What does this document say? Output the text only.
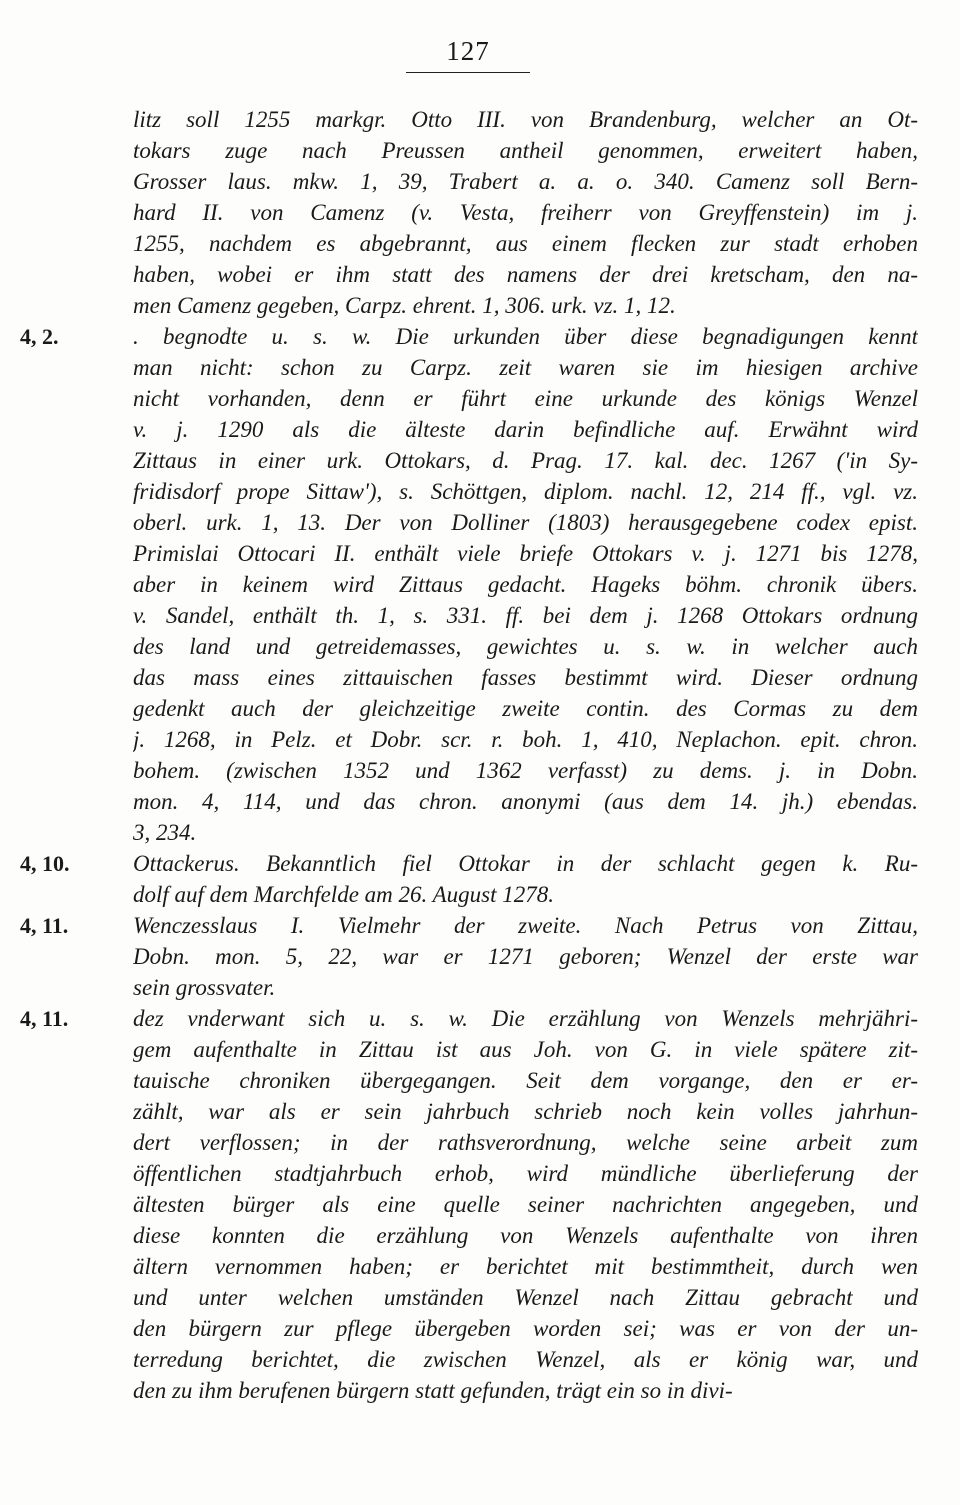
127
litz soll 1255 markgr. Otto III. von Brandenburg, welcher an Ot-
tokars zuge nach Preussen antheil genommen, erweitert haben,
Grosser laus. mkw. 1, 39, Trabert a. a. o. 340. Camenz soll Bern-
hard II. von Camenz (v. Vesta, freiherr von Greyffenstein) im j.
1255, nachdem es abgebrannt, aus einem flecken zur stadt erhoben
haben, wobei er ihm statt des namens der drei kretscham, den na-
men Camenz gegeben, Carpz. ehrent. 1, 306. urk. vz. 1, 12.
4, 2.	. begnodte u. s. w. Die urkunden über diese begnadigungen kennt
man nicht: schon zu Carpz. zeit waren sie im hiesigen archive
nicht vorhanden, denn er führt eine urkunde des königs Wenzel
v. j. 1290 als die älteste darin befindliche auf. Erwähnt wird
Zittaus in einer urk. Ottokars, d. Prag. 17. kal. dec. 1267 ('in Sy-
fridisdorf prope Sittaw'), s. Schöttgen, diplom. nachl. 12, 214 ff., vgl. vz.
oberl. urk. 1, 13. Der von Dolliner (1803) herausgegebene codex epist.
Primislai Ottocari II. enthält viele briefe Ottokars v. j. 1271 bis 1278,
aber in keinem wird Zittaus gedacht. Hageks böhm. chronik übers.
v. Sandel, enthält th. 1, s. 331. ff. bei dem j. 1268 Ottokars ordnung
des land und getreidemasses, gewichtes u. s. w. in welcher auch
das mass eines zittauischen fasses bestimmt wird. Dieser ordnung
gedenkt auch der gleichzeitige zweite contin. des Cormas zu dem
j. 1268, in Pelz. et Dobr. scr. r. boh. 1, 410, Neplachon. epit. chron.
bohem. (zwischen 1352 und 1362 verfasst) zu dems. j. in Dobn.
mon. 4, 114, und das chron. anonymi (aus dem 14. jh.) ebendas.
3, 234.
4, 10.	Ottackerus. Bekanntlich fiel Ottokar in der schlacht gegen k. Ru-
dolf auf dem Marchfelde am 26. August 1278.
4, 11.	Wenczesslaus I. Vielmehr der zweite. Nach Petrus von Zittau,
Dobn. mon. 5, 22, war er 1271 geboren; Wenzel der erste war
sein grossvater.
4, 11.	dez vnderwant sich u. s. w. Die erzählung von Wenzels mehrjähri-
gem aufenthalte in Zittau ist aus Joh. von G. in viele spätere zit-
tauische chroniken übergegangen. Seit dem vorgange, den er er-
zählt, war als er sein jahrbuch schrieb noch kein volles jahrhun-
dert verflossen; in der rathsverordnung, welche seine arbeit zum
öffentlichen stadtjahrbuch erhob, wird mündliche überlieferung der
ältesten bürger als eine quelle seiner nachrichten angegeben, und
diese konnten die erzählung von Wenzels aufenthalte von ihren
ältern vernommen haben; er berichtet mit bestimmtheit, durch wen
und unter welchen umständen Wenzel nach Zittau gebracht und
den bürgern zur pflege übergeben worden sei; was er von der un-
terredung berichtet, die zwischen Wenzel, als er könig war, und
den zu ihm berufenen bürgern statt gefunden, trägt ein so in divi-
